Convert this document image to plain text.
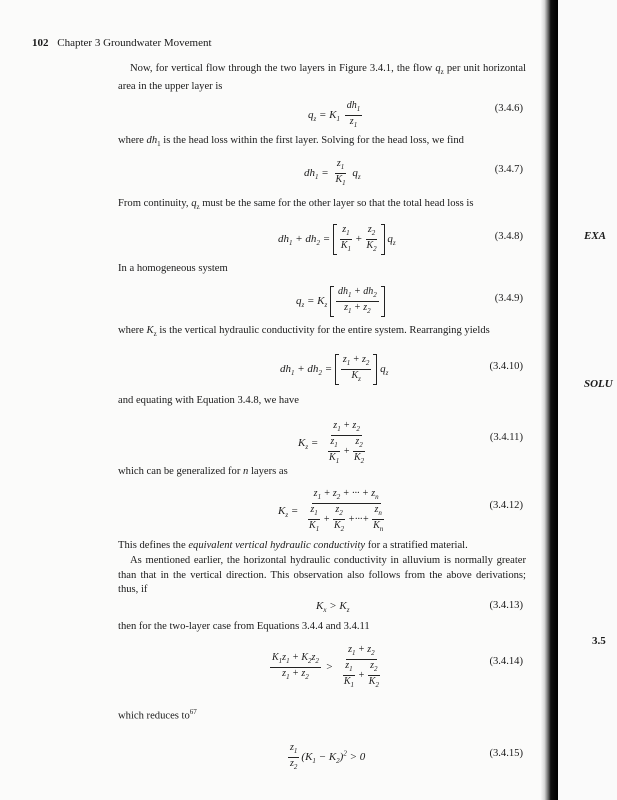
102 Chapter 3 Groundwater Movement
Now, for vertical flow through the two layers in Figure 3.4.1, the flow $q_z$ per unit horizontal area in the upper layer is
$q_z = K_1 \frac{dh_1}{z_1}$	(3.4.6)
where $dh_1$ is the head loss within the first layer. Solving for the head loss, we find
$dh_1 = \frac{z_1}{K_1} q_z$
(3.4.7)
From continuity, $q_z$ must be the same for the other layer so that the total head loss is
$dh_1 + dh_2 = \frac{z_1}{K_1} + \frac{z_2}{K_2} q_z$
(3.4.8)
In a homogeneous system
$q_z = K_z \frac{dh_1 + dh_2}{z_1 + z_2}$	(3.4.9)
where $K_z$ is the vertical hydraulic conductivity for the entire system. Rearranging yields
$dh_1 + dh_2 = \frac{z_1 + z_2}{K_z} q_z$
(3.4.10)
and equating with Equation 3.4.8, we have
$K_z = \frac{z_1 + z_2}{\frac{z_1}{K_1} + \frac{z_2}{K_2}}$	(3.4.11)
which can be generalized for n layers as
$K_z = \frac{z_1 + z_2 + \cdot\cdot\cdot + z_n}{\frac{z_1}{K_1} + \frac{z_2}{K_2} +\cdot\cdot\cdot+ \frac{z_n}{K_n}}$	(3.4.12)
This defines the equivalent vertical hydraulic conductivity for a stratified material.
As mentioned earlier, the horizontal hydraulic conductivity in alluvium is normally greater than that in the vertical direction. This observation also follows from the above derivations; thus, if
$K_x > K_z$	(3.4.13)
then for the two-layer case from Equations 3.4.4 and 3.4.11
$\frac{K_1z_1 + K_2z_2}{z_1 + z_2} > \frac{z_1 + z_2}{\frac{z_1}{K_1} + \frac{z_2}{K_2}}$	(3.4.14)
which reduces $to^{67}$
$\frac{z_1}{z_2} (K_1 - K_2)^2 > 0$	(3.4.15)
EXA
SOLU
3.5
